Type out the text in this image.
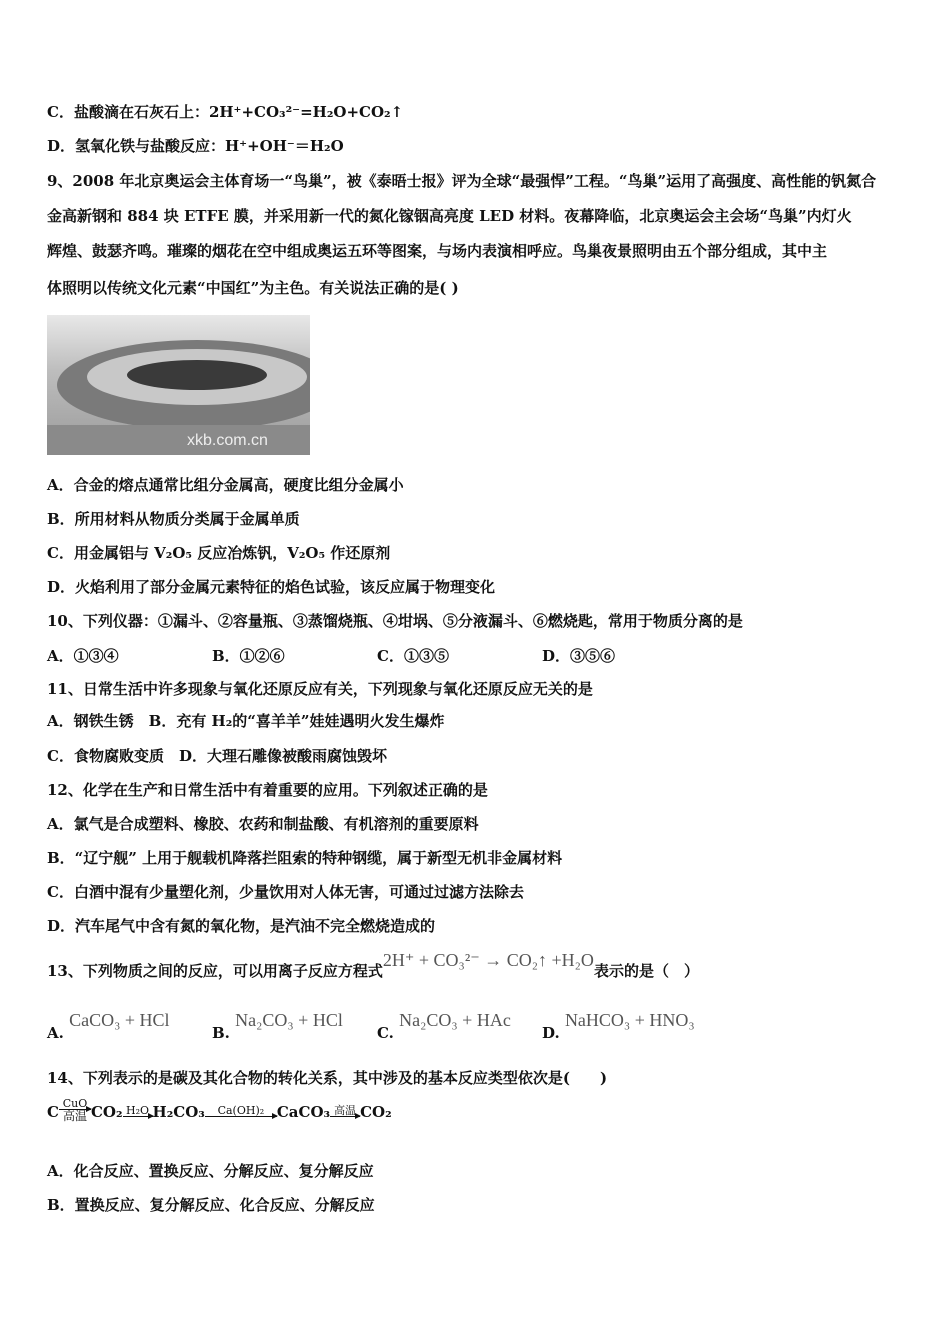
C．盐酸滴在石灰石上：2H⁺+CO₃²⁻=H₂O+CO₂↑
D．氢氧化铁与盐酸反应：H⁺+OH⁻＝H₂O
9、2008 年北京奥运会主体育场一“鸟巢”，被《泰晤士报》评为全球“最强悍”工程。“鸟巢”运用了高强度、高性能的钒氮合
金高新钢和 884 块 ETFE 膜，并采用新一代的氮化镓铟高亮度 LED 材料。夜幕降临，北京奥运会主会场“鸟巢”内灯火
辉煌、鼓瑟齐鸣。璀璨的烟花在空中组成奥运五环等图案，与场内表演相呼应。鸟巢夜景照明由五个部分组成，其中主
体照明以传统文化元素“中国红”为主色。有关说法正确的是( )
xkb.com.cn
A．合金的熔点通常比组分金属高，硬度比组分金属小
B．所用材料从物质分类属于金属单质
C．用金属铝与 V₂O₅ 反应冶炼钒，V₂O₅ 作还原剂
D．火焰利用了部分金属元素特征的焰色试验，该反应属于物理变化
10、下列仪器：①漏斗、②容量瓶、③蒸馏烧瓶、④坩埚、⑤分液漏斗、⑥燃烧匙，常用于物质分离的是
A．①③④	B．①②⑥	C．①③⑤	D．③⑤⑥
11、日常生活中许多现象与氧化还原反应有关，下列现象与氧化还原反应无关的是
A．钢铁生锈　B．充有 H₂的“喜羊羊”娃娃遇明火发生爆炸
C．食物腐败变质　D．大理石雕像被酸雨腐蚀毁坏
12、化学在生产和日常生活中有着重要的应用。下列叙述正确的是
A．氯气是合成塑料、橡胶、农药和制盐酸、有机溶剂的重要原料
B．“辽宁舰” 上用于舰载机降落拦阻索的特种钢缆，属于新型无机非金属材料
C．白酒中混有少量塑化剂，少量饮用对人体无害，可通过过滤方法除去
D．汽车尾气中含有氮的氧化物，是汽油不完全燃烧造成的
13、下列物质之间的反应，可以用离子反应方程式2H⁺ + CO₃²⁻ → CO₂↑ +H₂O表示的是（　）
A. CaCO₃ + HCl
B. Na₂CO₃ + HCl
C. Na₂CO₃ + HAc
D. NaHCO₃ + HNO₃
14、下列表示的是碳及其化合物的转化关系，其中涉及的基本反应类型依次是(　　)
C CuO
高温 CO₂ H₂O H₂CO₃	Ca(OH)₂ CaCO₃ 高温 CO₂
A．化合反应、置换反应、分解反应、复分解反应
B．置换反应、复分解反应、化合反应、分解反应
